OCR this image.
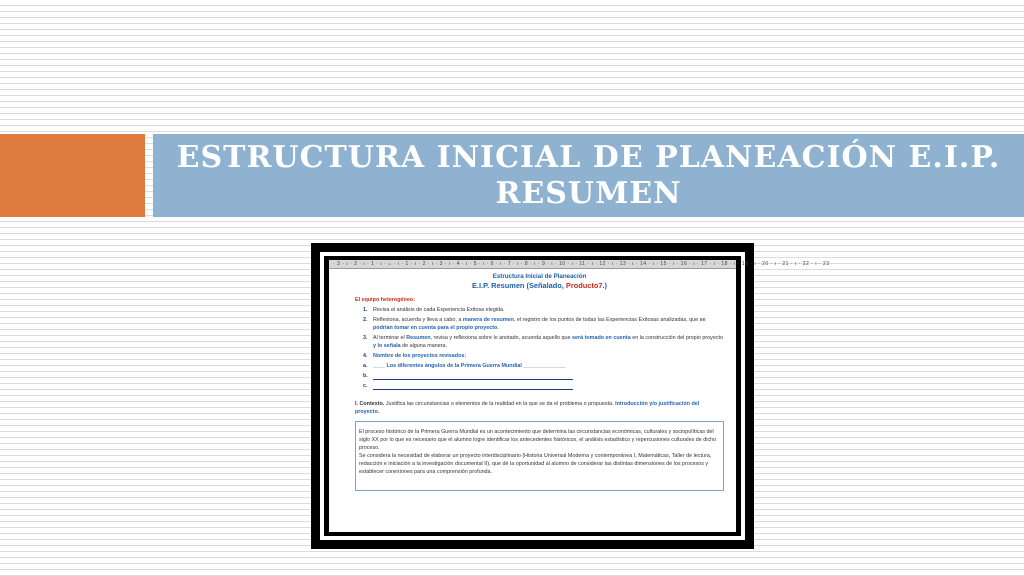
ESTRUCTURA INICIAL DE PLANEACIÓN E.I.P.
RESUMEN
· 3 · ı · 2 · ı · 1 · ı · ⌂ · ı · 1 · ı · 2 · ı · 3 · ı · 4 · ı · 5 · ı · 6 · ı · 7 · ı · 8 · ı · 9 · ı · 10 · ı · 11 · ı · 12 · ı · 13 · ı · 14 · ı · 15 · ı · 16 · ı · 17 · ı · 18 · ı · 19 · ı · 20 · ı · 21 · ı · 22 · ı · 23
Estructura Inicial de Planeación
E.I.P. Resumen (Señalado, Producto7.)
El equipo heterogéneo:
1.	Revisa el análisis de cada Experiencia Exitosa elegida.
2.	Reflexiona, acuerda y lleva a cabo, a manera de resumen, el registro de los puntos de todas las Experiencias Exitosas analizadas, que se podrían tomar en cuenta para el propio proyecto.
3.	Al terminar el Resumen, revisa y reflexiona sobre lo anotado, acuerda aquello que será tomado en cuenta en la construcción del propio proyecto y lo señala de alguna manera.
4.	Nombre de los proyectos revisados:
a.	____ Los diferentes ángulos de la Primera Guerra Mundial ______________
b.
c.
I. Contexto. Justifica las circunstancias o elementos de la realidad en la que se da el problema o propuesta. Introducción y/o justificación del proyecto.
El proceso histórico de la Primera Guerra Mundial es un acontecimiento que determina las circunstancias económicas, culturales y sociopolíticas del siglo XX por lo que es necesario que el alumno logre identificar los antecedentes históricos, el análisis estadístico y repercusiones culturales de dicho proceso.
Se considera la necesidad de elaborar un proyecto interdisciplinario (Historia Universal Moderna y contemporánea I, Matemáticas, Taller de lectura, redacción e iniciación a la investigación documental II), que dé la oportunidad al alumno de considerar las distintas dimensiones de los procesos y establecer conexiones para una comprensión profunda.
